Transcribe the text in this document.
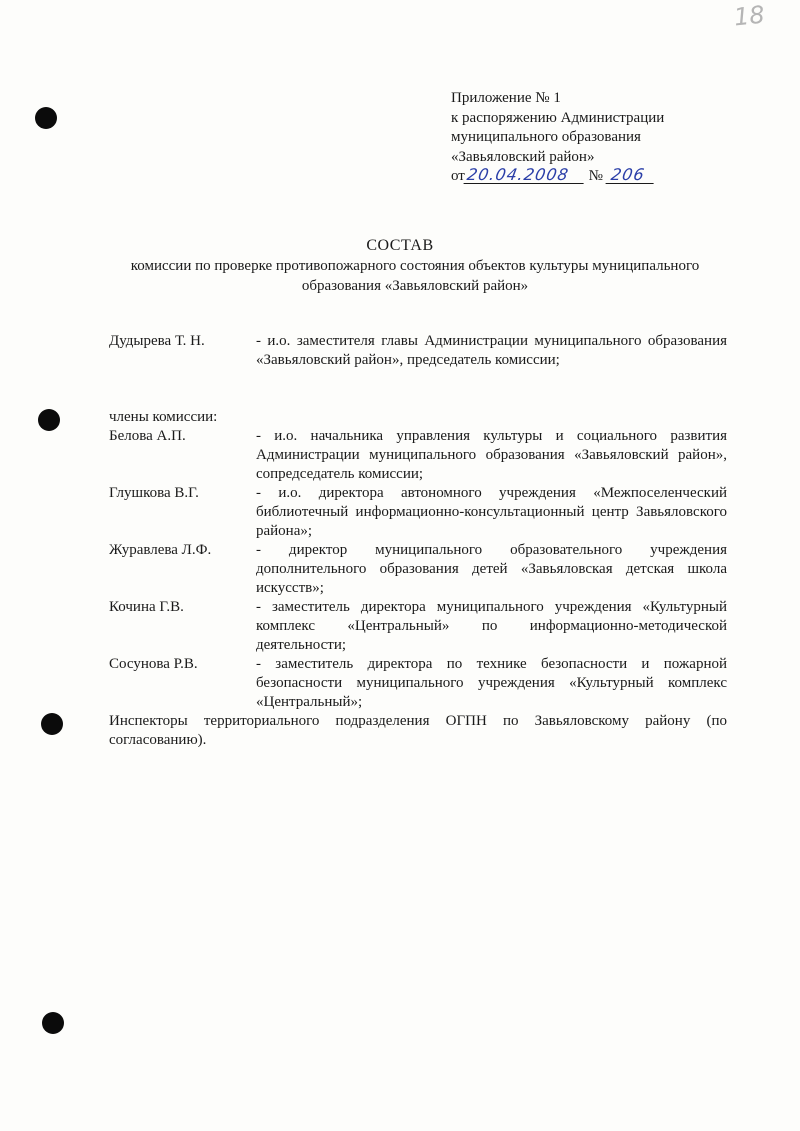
18
Приложение № 1
к распоряжению Администрации
муниципального образования
«Завьяловский район»
от20.04.2008 № 206
СОСТАВ
комиссии по проверке противопожарного состояния объектов культуры муниципального образования «Завьяловский район»
Дудырева Т. Н.	- и.о. заместителя главы Администрации муниципального образования «Завьяловский район», председатель комиссии;
члены комиссии:
Белова А.П.	- и.о. начальника управления культуры и социального развития Администрации муниципального образования «Завьяловский район», сопредседатель комиссии;
Глушкова В.Г.	- и.о. директора автономного учреждения «Межпоселенческий библиотечный информационно-консультационный центр Завьяловского района»;
Журавлева Л.Ф.	- директор муниципального образовательного учреждения дополнительного образования детей «Завьяловская детская школа искусств»;
Кочина Г.В.	- заместитель директора муниципального учреждения «Культурный комплекс «Центральный» по информационно-методической деятельности;
Сосунова Р.В.	- заместитель директора по технике безопасности и пожарной безопасности муниципального учреждения «Культурный комплекс «Центральный»;
Инспекторы территориального подразделения ОГПН по Завьяловскому району (по согласованию).
